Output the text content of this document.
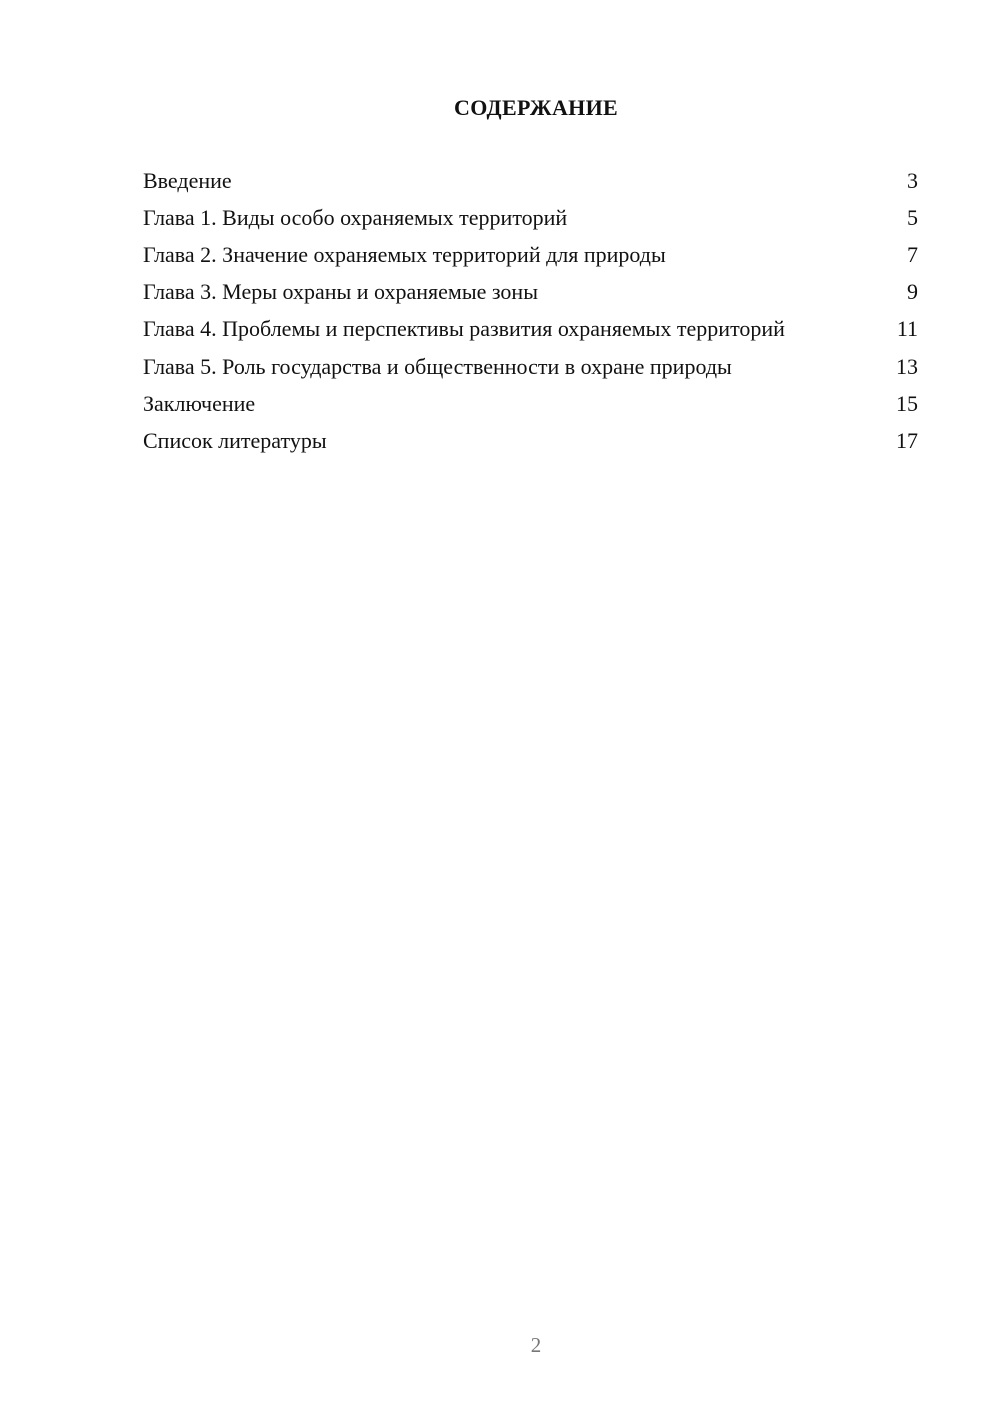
СОДЕРЖАНИЕ
Введение	3
Глава 1. Виды особо охраняемых территорий	5
Глава 2. Значение охраняемых территорий для природы	7
Глава 3. Меры охраны и охраняемые зоны	9
Глава 4. Проблемы и перспективы развития охраняемых территорий	11
Глава 5. Роль государства и общественности в охране природы	13
Заключение	15
Список литературы	17
2
